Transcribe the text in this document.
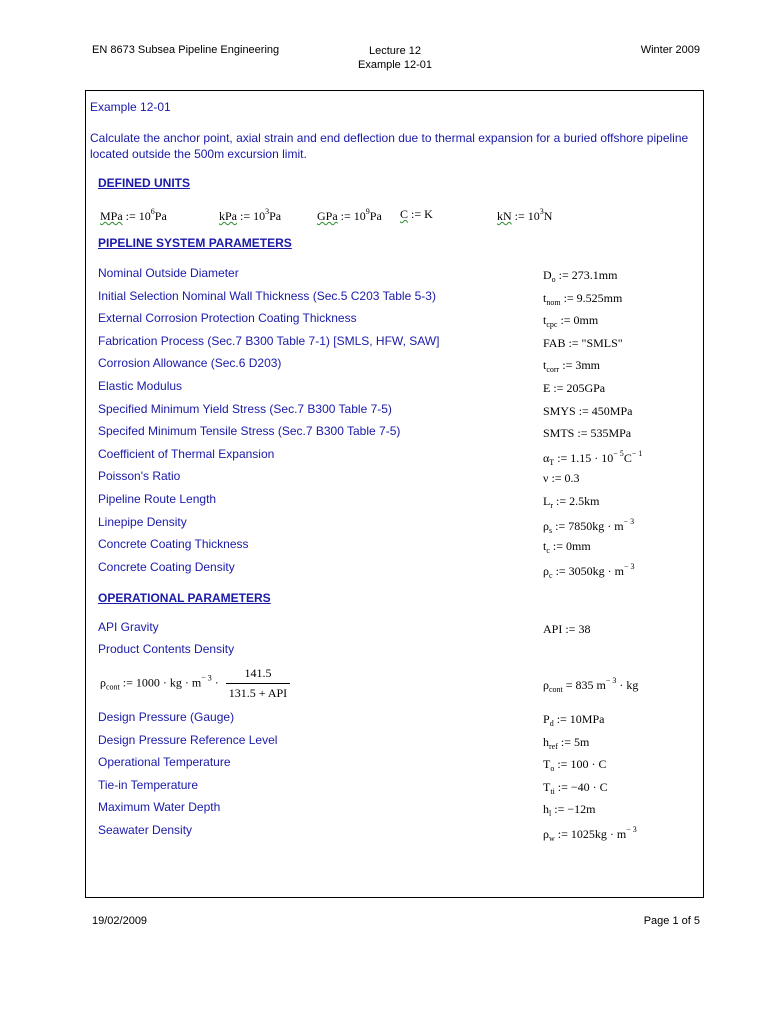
EN 8673 Subsea Pipeline Engineering	Lecture 12
Example 12-01
Winter 2009
Example 12-01
Calculate the anchor point, axial strain and end deflection due to thermal expansion for a buried offshore pipeline located outside the 500m excursion limit.
DEFINED UNITS
MPa := $10^6Pa$	kPa := $10^3Pa$	GPa := $10^9Pa$ C := K	kN := $10^3N$
PIPELINE SYSTEM PARAMETERS
Nominal Outside Diameter	$D_o$ := 273.1mm
Initial Selection Nominal Wall Thickness (Sec.5 C203 Table 5-3)	$t_{nom}$ := 9.525mm
External Corrosion Protection Coating Thickness	$t_{cpc}$ := 0mm
Fabrication Process (Sec.7 B300 Table 7-1) [SMLS, HFW, SAW]	FAB := "SMLS"
Corrosion Allowance (Sec.6 D203)	$t_{corr}$ := 3mm
Elastic Modulus	E := 205GPa
Specified Minimum Yield Stress (Sec.7 B300 Table 7-5)	SMYS := 450MPa
Specifed Minimum Tensile Stress (Sec.7 B300 Table 7-5)	SMTS := 535MPa
Coefficient of Thermal Expansion	$\alpha_T$ := $1.15 \cdot 10^{- 5}C^{- 1}$
Poisson's Ratio	ν := 0.3
Pipeline Route Length	$L_r$ := 2.5km
Linepipe Density	$\rho_s$ := $7850kg \cdot m^{- 3}$
Concrete Coating Thickness	$t_c$ := 0mm
Concrete Coating Density	$\rho_c$ := $3050kg \cdot m^{- 3}$
OPERATIONAL PARAMETERS
API Gravity	API := 38
Product Contents Density
$\rho_{cont}$ := 1000 · kg · $m^{- 3} \cdot \frac{141.5}{\text{131.5 + API}}$	$\rho_{cont} = 835$ $m^{- 3}$ · kg
Design Pressure (Gauge)	$P_d$ := 10MPa
Design Pressure Reference Level	$h_{ref}$ := 5m
Operational Temperature	$T_o$ := 100 · C
Tie-in Temperature	$T_{ti}$ := −40 · C
Maximum Water Depth	$h_l$ := −12m
Seawater Density	$\rho_w$ := $1025kg \cdot m^{- 3}$
19/02/2009	Page 1 of 5
